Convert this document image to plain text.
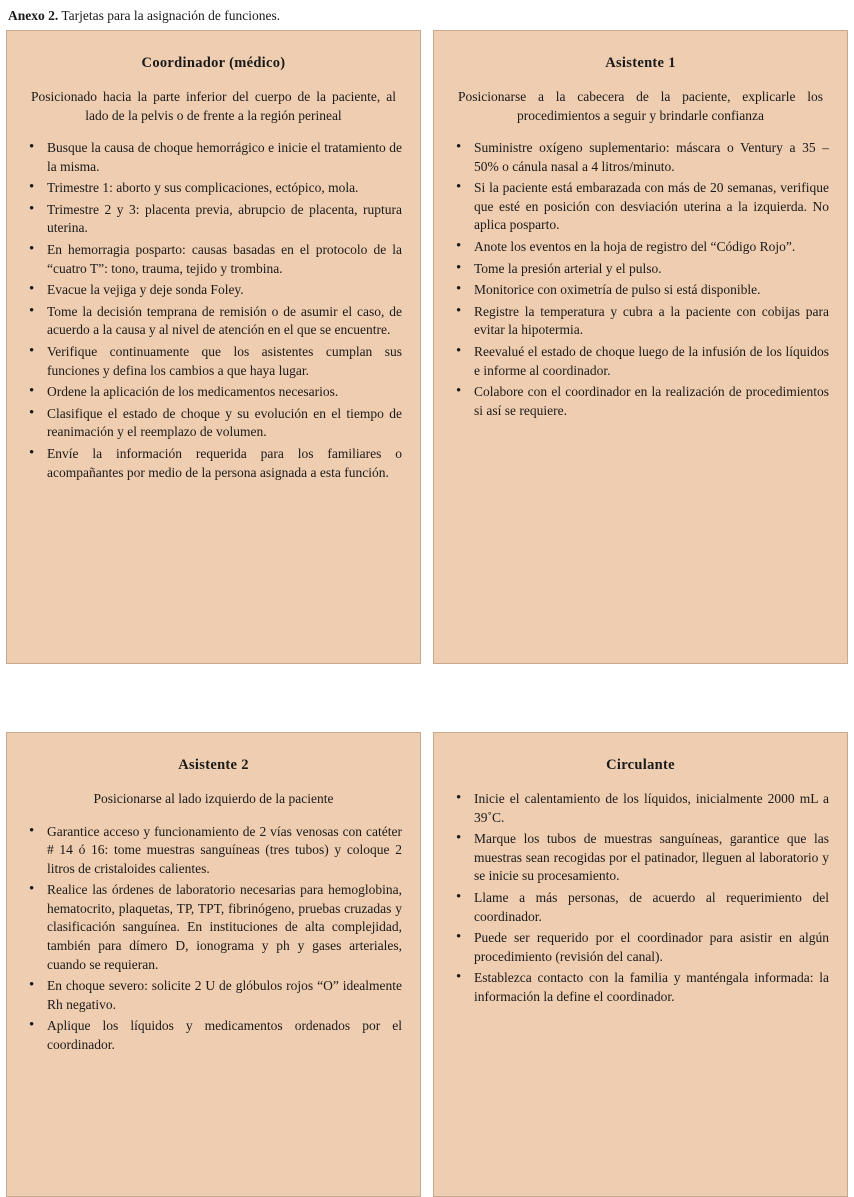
Anexo 2. Tarjetas para la asignación de funciones.
Coordinador (médico)
Posicionado hacia la parte inferior del cuerpo de la paciente, al lado de la pelvis o de frente a la región perineal
• Busque la causa de choque hemorrágico e inicie el tratamiento de la misma.
• Trimestre 1: aborto y sus complicaciones, ectópico, mola.
• Trimestre 2 y 3: placenta previa, abrupcio de placenta, ruptura uterina.
• En hemorragia posparto: causas basadas en el protocolo de la “cuatro T”: tono, trauma, tejido y trombina.
• Evacue la vejiga y deje sonda Foley.
• Tome la decisión temprana de remisión o de asumir el caso, de acuerdo a la causa y al nivel de atención en el que se encuentre.
• Verifique continuamente que los asistentes cumplan sus funciones y defina los cambios a que haya lugar.
• Ordene la aplicación de los medicamentos necesarios.
• Clasifique el estado de choque y su evolución en el tiempo de reanimación y el reemplazo de volumen.
• Envíe la información requerida para los familiares o acompañantes por medio de la persona asignada a esta función.
Asistente 1
Posicionarse a la cabecera de la paciente, explicarle los procedimientos a seguir y brindarle confianza
• Suministre oxígeno suplementario: máscara o Ventury a 35 – 50% o cánula nasal a 4 litros/minuto.
• Si la paciente está embarazada con más de 20 semanas, verifique que esté en posición con desviación uterina a la izquierda. No aplica posparto.
• Anote los eventos en la hoja de registro del “Código Rojo”.
• Tome la presión arterial y el pulso.
• Monitorice con oximetría de pulso si está disponible.
• Registre la temperatura y cubra a la paciente con cobijas para evitar la hipotermia.
• Reevalué el estado de choque luego de la infusión de los líquidos e informe al coordinador.
• Colabore con el coordinador en la realización de procedimientos si así se requiere.
Asistente 2
Posicionarse al lado izquierdo de la paciente
• Garantice acceso y funcionamiento de 2 vías venosas con catéter # 14 ó 16: tome muestras sanguíneas (tres tubos) y coloque 2 litros de cristaloides calientes.
• Realice las órdenes de laboratorio necesarias para hemoglobina, hematocrito, plaquetas, TP, TPT, fibrinógeno, pruebas cruzadas y clasificación sanguínea. En instituciones de alta complejidad, también para dímero D, ionograma y ph y gases arteriales, cuando se requieran.
• En choque severo: solicite 2 U de glóbulos rojos “O” idealmente Rh negativo.
• Aplique los líquidos y medicamentos ordenados por el coordinador.
Circulante
• Inicie el calentamiento de los líquidos, inicialmente 2000 mL a 39˚C.
• Marque los tubos de muestras sanguíneas, garantice que las muestras sean recogidas por el patinador, lleguen al laboratorio y se inicie su procesamiento.
• Llame a más personas, de acuerdo al requerimiento del coordinador.
• Puede ser requerido por el coordinador para asistir en algún procedimiento (revisión del canal).
• Establezca contacto con la familia y manténgala informada: la información la define el coordinador.
